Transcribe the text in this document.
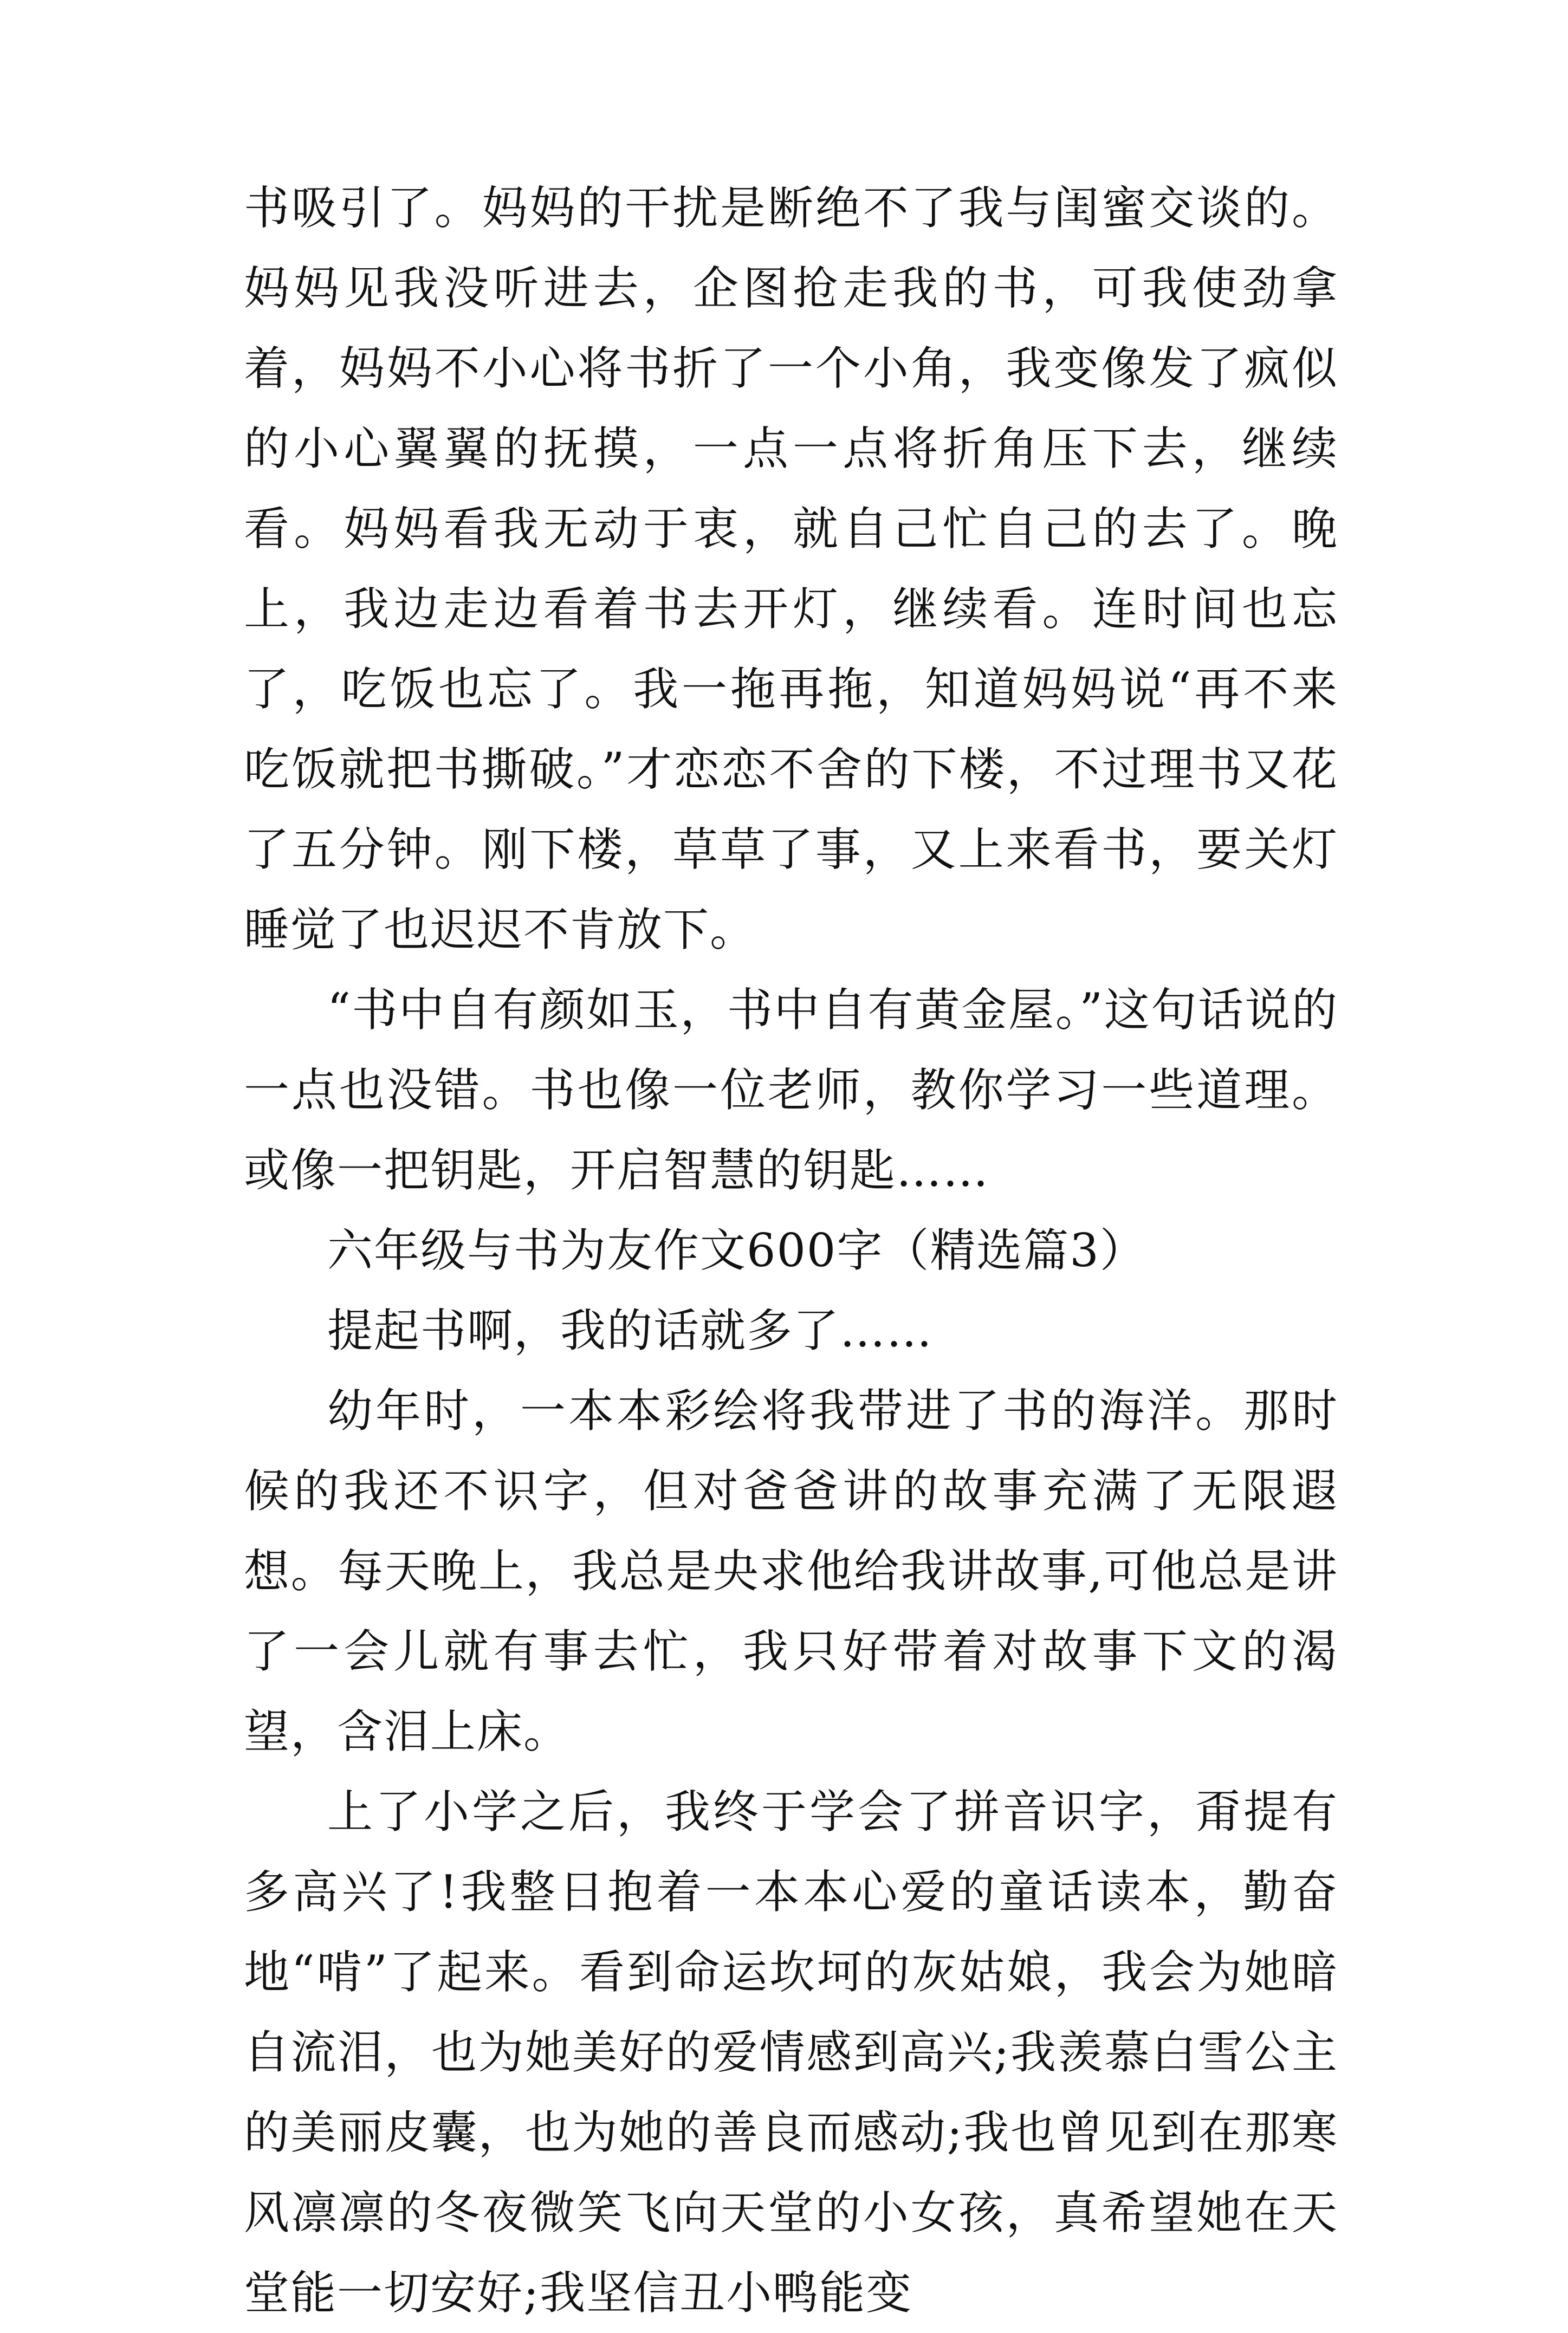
书吸引了。妈妈的干扰是断绝不了我与闺蜜交谈的。妈妈见我没听进去，企图抢走我的书，可我使劲拿着，妈妈不小心将书折了一个小角，我变像发了疯似的小心翼翼的抚摸，一点一点将折角压下去，继续看。妈妈看我无动于衷，就自己忙自己的去了。晚上，我边走边看着书去开灯，继续看。连时间也忘了，吃饭也忘了。我一拖再拖，知道妈妈说“再不来吃饭就把书撕破。”才恋恋不舍的下楼，不过理书又花了五分钟。刚下楼，草草了事，又上来看书，要关灯睡觉了也迟迟不肯放下。

“书中自有颜如玉，书中自有黄金屋。”这句话说的一点也没错。书也像一位老师，教你学习一些道理。或像一把钥匙，开启智慧的钥匙……

六年级与书为友作文600字（精选篇3）

提起书啊，我的话就多了……

幼年时，一本本彩绘将我带进了书的海洋。那时候的我还不识字，但对爸爸讲的故事充满了无限遐想。每天晚上，我总是央求他给我讲故事,可他总是讲了一会儿就有事去忙，我只好带着对故事下文的渴望，含泪上床。

上了小学之后，我终于学会了拼音识字，甭提有多高兴了!我整日抱着一本本心爱的童话读本，勤奋地“啃”了起来。看到命运坎坷的灰姑娘，我会为她暗自流泪，也为她美好的爱情感到高兴;我羡慕白雪公主的美丽皮囊，也为她的善良而感动;我也曾见到在那寒风凛凛的冬夜微笑飞向天堂的小女孩，真希望她在天堂能一切安好;我坚信丑小鸭能变
